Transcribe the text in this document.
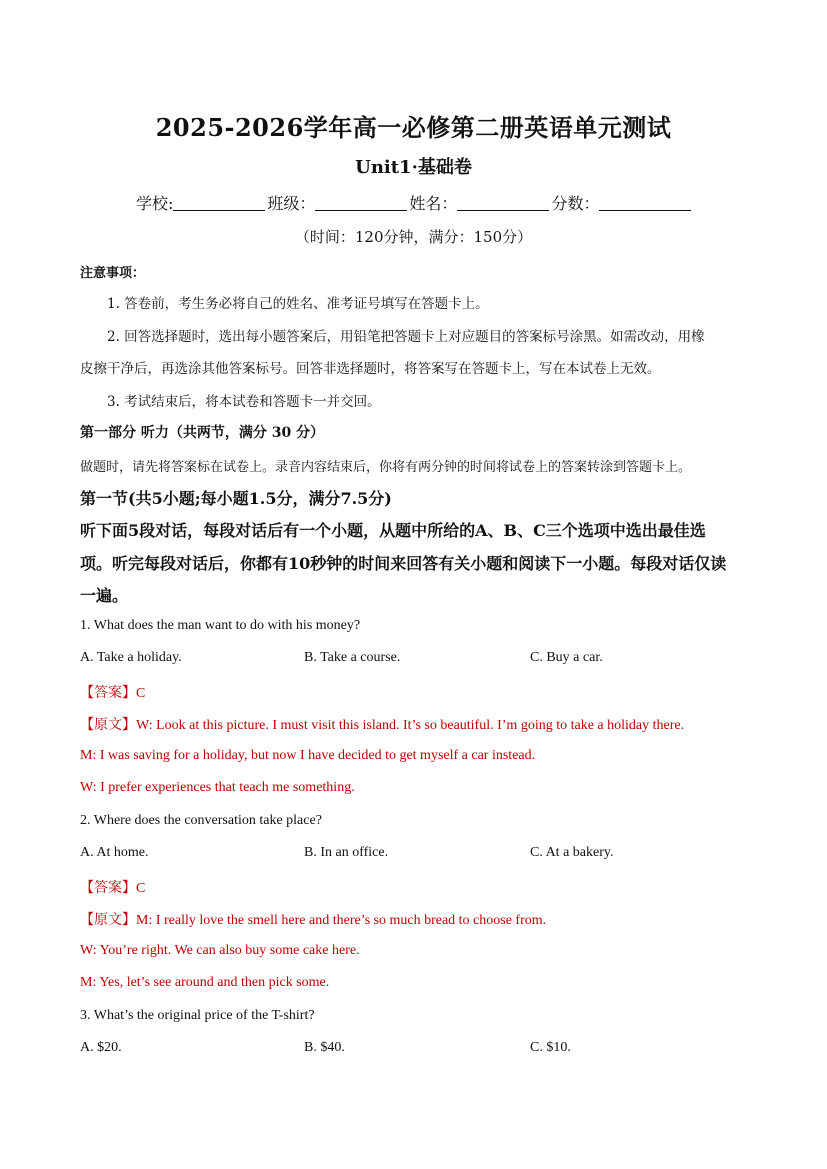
2025-2026学年高一必修第二册英语单元测试
Unit1·基础卷
学校:	班级：	姓名：	分数：
（时间：120分钟，满分：150分）
注意事项：
1. 答卷前，考生务必将自己的姓名、准考证号填写在答题卡上。
2. 回答选择题时，选出每小题答案后，用铅笔把答题卡上对应题目的答案标号涂黑。如需改动，用橡
皮擦干净后，再选涂其他答案标号。回答非选择题时，将答案写在答题卡上，写在本试卷上无效。
3. 考试结束后，将本试卷和答题卡一并交回。
第一部分 听力（共两节，满分 30 分）
做题时，请先将答案标在试卷上。录音内容结束后，你将有两分钟的时间将试卷上的答案转涂到答题卡上。
第一节(共5小题;每小题1.5分，满分7.5分)
听下面5段对话，每段对话后有一个小题，从题中所给的A、B、C三个选项中选出最佳选
项。听完每段对话后，你都有10秒钟的时间来回答有关小题和阅读下一小题。每段对话仅读
一遍。
1. What does the man want to do with his money?
A. Take a holiday.	B. Take a course.	C. Buy a car.
【答案】C
【原文】W: Look at this picture. I must visit this island. It’s so beautiful. I’m going to take a holiday there.
M: I was saving for a holiday, but now I have decided to get myself a car instead.
W: I prefer experiences that teach me something.
2. Where does the conversation take place?
A. At home.	B. In an office.	C. At a bakery.
【答案】C
【原文】M: I really love the smell here and there’s so much bread to choose from.
W: You’re right. We can also buy some cake here.
M: Yes, let’s see around and then pick some.
3. What’s the original price of the T-shirt?
A. $20.	B. $40.	C. $10.
